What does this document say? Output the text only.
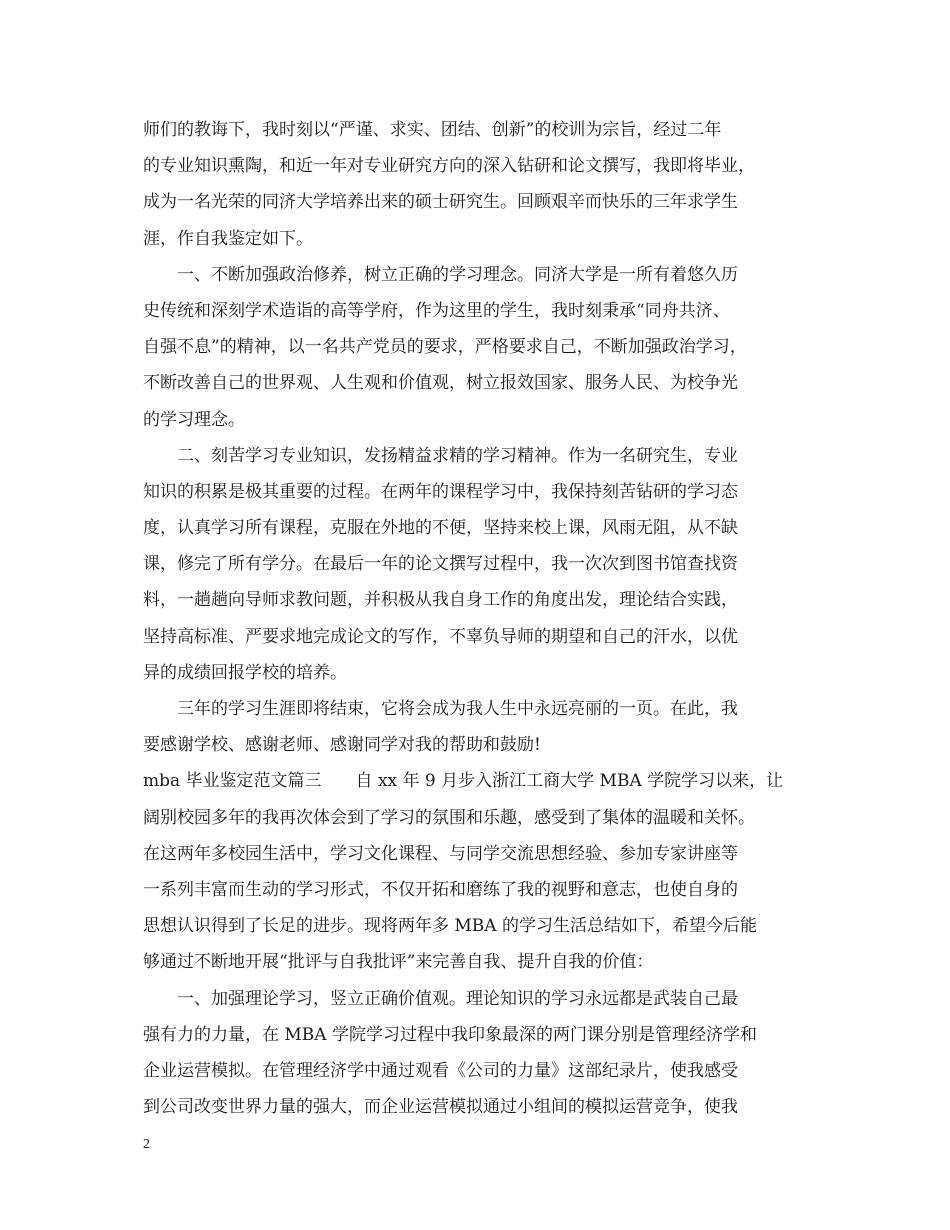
师们的教诲下，我时刻以“严谨、求实、团结、创新”的校训为宗旨，经过二年
的专业知识熏陶，和近一年对专业研究方向的深入钻研和论文撰写，我即将毕业，
成为一名光荣的同济大学培养出来的硕士研究生。回顾艰辛而快乐的三年求学生
涯，作自我鉴定如下。
　　一、不断加强政治修养，树立正确的学习理念。同济大学是一所有着悠久历
史传统和深刻学术造诣的高等学府，作为这里的学生，我时刻秉承“同舟共济、
自强不息”的精神，以一名共产党员的要求，严格要求自己，不断加强政治学习，
不断改善自己的世界观、人生观和价值观，树立报效国家、服务人民、为校争光
的学习理念。
　　二、刻苦学习专业知识，发扬精益求精的学习精神。作为一名研究生，专业
知识的积累是极其重要的过程。在两年的课程学习中，我保持刻苦钻研的学习态
度，认真学习所有课程，克服在外地的不便，坚持来校上课，风雨无阻，从不缺
课，修完了所有学分。在最后一年的论文撰写过程中，我一次次到图书馆查找资
料，一趟趟向导师求教问题，并积极从我自身工作的角度出发，理论结合实践，
坚持高标准、严要求地完成论文的写作，不辜负导师的期望和自己的汗水，以优
异的成绩回报学校的培养。
　　三年的学习生涯即将结束，它将会成为我人生中永远亮丽的一页。在此，我
要感谢学校、感谢老师、感谢同学对我的帮助和鼓励!
mba 毕业鉴定范文篇三　　自 xx 年 9 月步入浙江工商大学 MBA 学院学习以来，让
阔别校园多年的我再次体会到了学习的氛围和乐趣，感受到了集体的温暖和关怀。
在这两年多校园生活中，学习文化课程、与同学交流思想经验、参加专家讲座等
一系列丰富而生动的学习形式，不仅开拓和磨练了我的视野和意志，也使自身的
思想认识得到了长足的进步。现将两年多 MBA 的学习生活总结如下，希望今后能
够通过不断地开展“批评与自我批评”来完善自我、提升自我的价值：
　　一、加强理论学习，竖立正确价值观。理论知识的学习永远都是武装自己最
强有力的力量，在 MBA 学院学习过程中我印象最深的两门课分别是管理经济学和
企业运营模拟。在管理经济学中通过观看《公司的力量》这部纪录片，使我感受
到公司改变世界力量的强大，而企业运营模拟通过小组间的模拟运营竞争，使我
2
